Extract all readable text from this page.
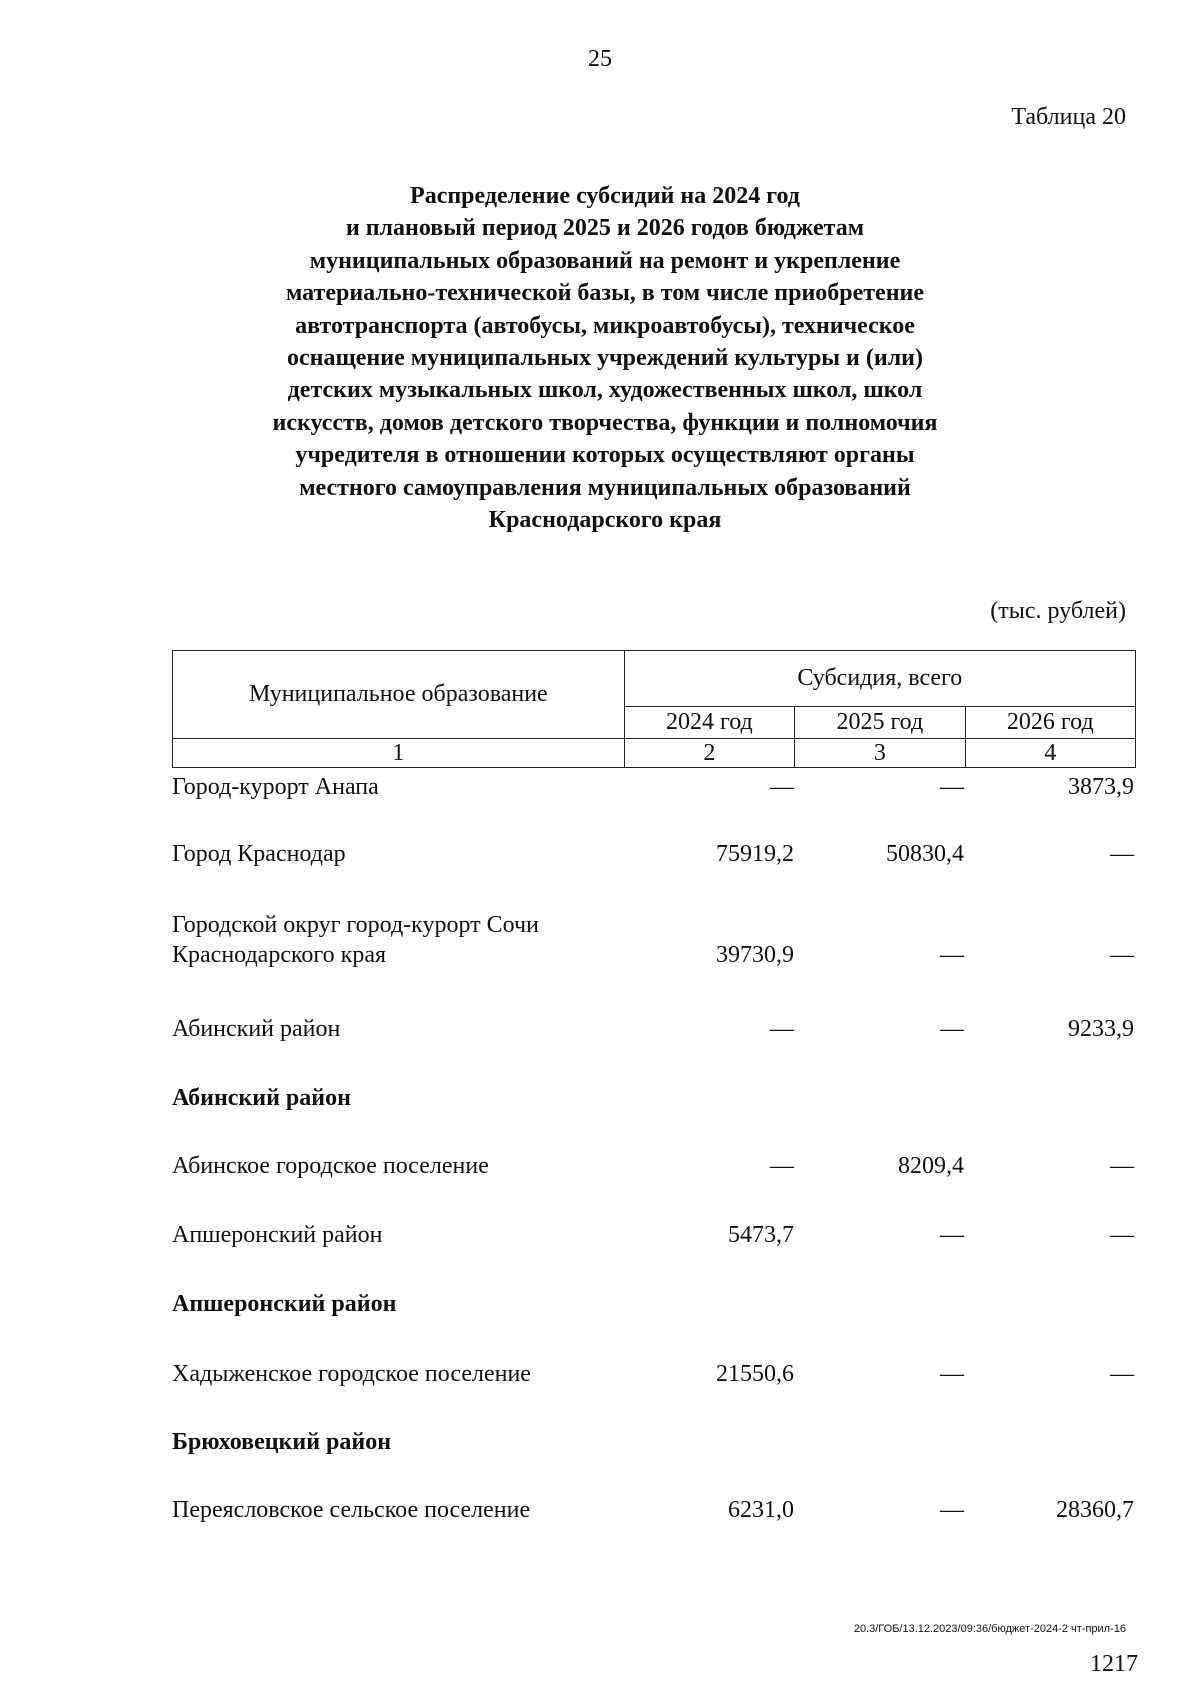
25
Таблица 20
Распределение субсидий на 2024 год
и плановый период 2025 и 2026 годов бюджетам
муниципальных образований на ремонт и укрепление
материально-технической базы, в том числе приобретение
автотранспорта (автобусы, микроавтобусы), техническое
оснащение муниципальных учреждений культуры и (или)
детских музыкальных школ, художественных школ, школ
искусств, домов детского творчества, функции и полномочия
учредителя в отношении которых осуществляют органы
местного самоуправления муниципальных образований
Краснодарского края
(тыс. рублей)
Муниципальное образование	Субсидия, всего		
	2024 год	2025 год	2026 год
1	2	3	4
Город-курорт Анапа	—	—	3873,9
Город Краснодар	75919,2	50830,4	—
Городской округ город-курорт Сочи Краснодарского края	39730,9	—	—
Абинский район	—	—	9233,9
Абинский район
Абинское городское поселение	—	8209,4	—
Апшеронский район	5473,7	—	—
Апшеронский район
Хадыженское городское поселение	21550,6	—	—
Брюховецкий район
Переясловское сельское поселение	6231,0	—	28360,7
20.3/ГОБ/13.12.2023/09:36/бюджет-2024-2 чт-прил-16
1217
